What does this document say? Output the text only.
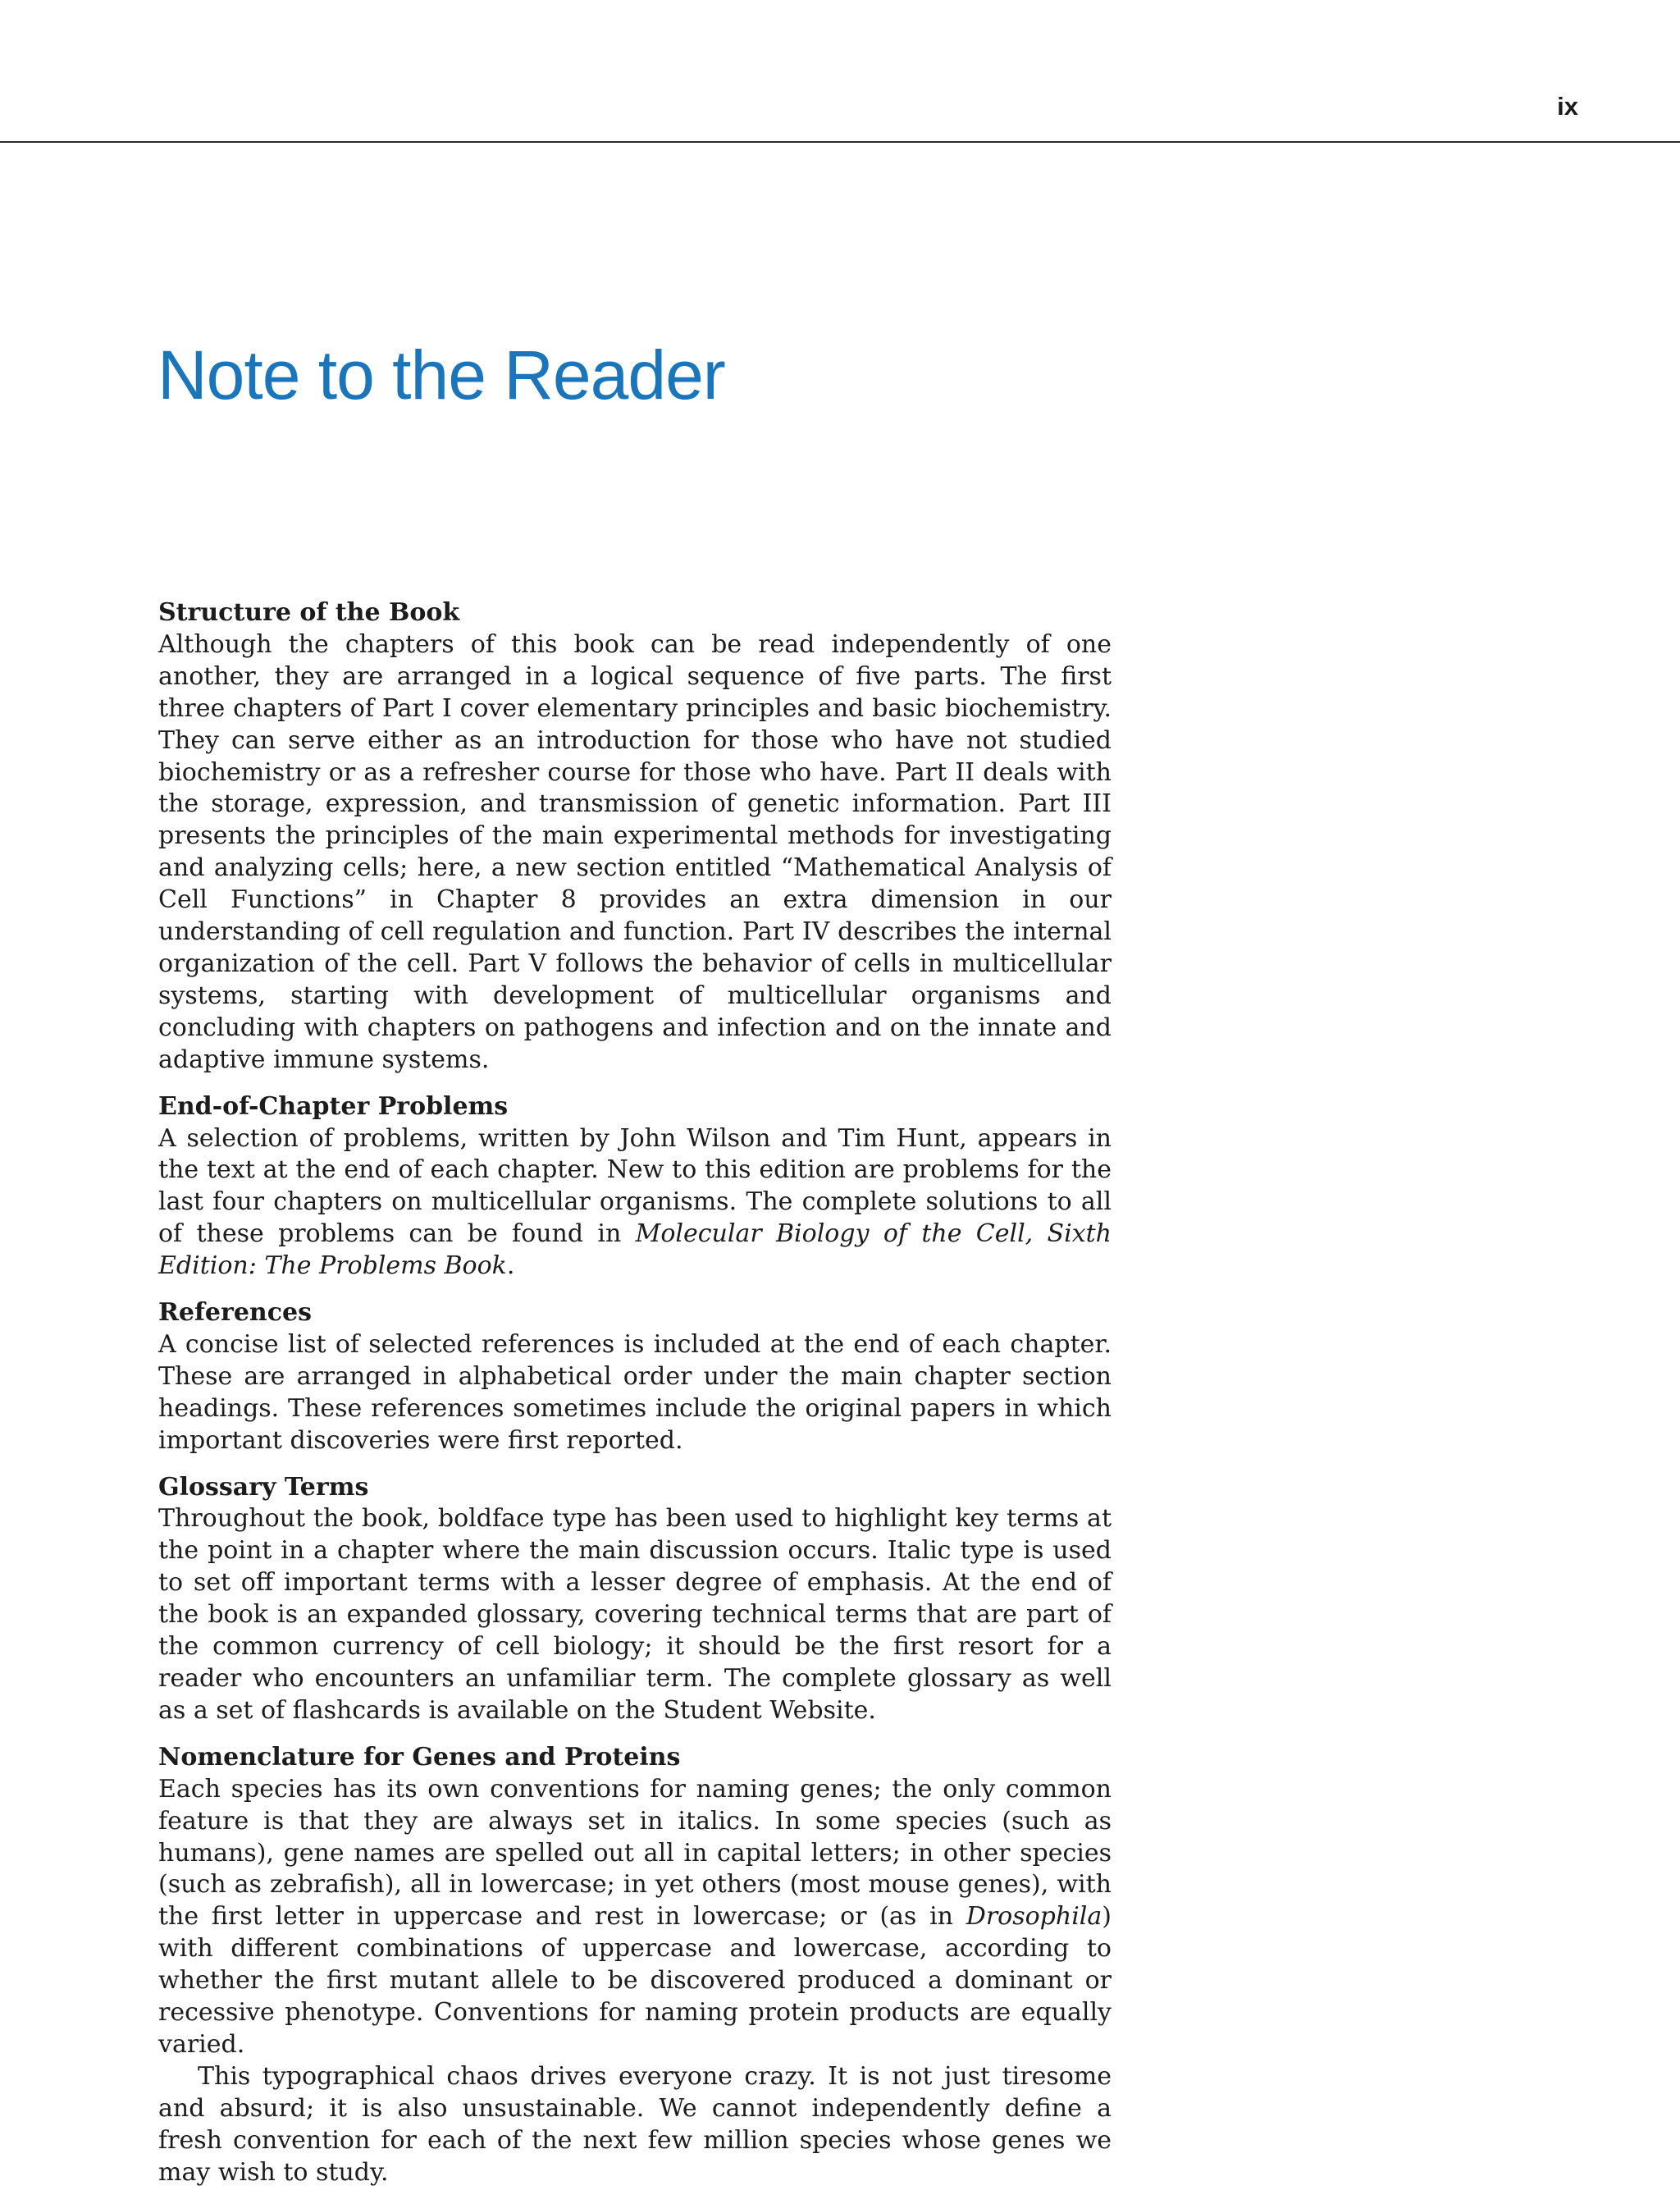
ix
Note to the Reader

Structure of the Book

Although the chapters of this book can be read independently of one another, they are arranged in a logical sequence of five parts. The first three chapters of Part I cover elementary principles and basic biochemistry. They can serve either as an introduction for those who have not studied biochemistry or as a refresher course for those who have. Part II deals with the storage, expression, and transmission of genetic information. Part III presents the principles of the main experimental methods for investigating and analyzing cells; here, a new section entitled “Mathematical Analysis of Cell Functions” in Chapter 8 provides an extra dimension in our understanding of cell regulation and function. Part IV describes the internal organization of the cell. Part V follows the behavior of cells in multicellular systems, starting with development of multicellular organisms and concluding with chapters on pathogens and infection and on the innate and adaptive immune systems.

End-of-Chapter Problems

A selection of problems, written by John Wilson and Tim Hunt, appears in the text at the end of each chapter. New to this edition are problems for the last four chapters on multicellular organisms. The complete solutions to all of these problems can be found in Molecular Biology of the Cell, Sixth Edition: The Problems Book.

References

A concise list of selected references is included at the end of each chapter. These are arranged in alphabetical order under the main chapter section headings. These references sometimes include the original papers in which important discoveries were first reported.

Glossary Terms

Throughout the book, boldface type has been used to highlight key terms at the point in a chapter where the main discussion occurs. Italic type is used to set off important terms with a lesser degree of emphasis. At the end of the book is an expanded glossary, covering technical terms that are part of the common currency of cell biology; it should be the first resort for a reader who encounters an unfamiliar term. The complete glossary as well as a set of flashcards is available on the Student Website.

Nomenclature for Genes and Proteins

Each species has its own conventions for naming genes; the only common feature is that they are always set in italics. In some species (such as humans), gene names are spelled out all in capital letters; in other species (such as zebrafish), all in lowercase; in yet others (most mouse genes), with the first letter in uppercase and rest in lowercase; or (as in Drosophila) with different combinations of uppercase and lowercase, according to whether the first mutant allele to be discovered produced a dominant or recessive phenotype. Conventions for naming protein products are equally varied.

This typographical chaos drives everyone crazy. It is not just tiresome and absurd; it is also unsustainable. We cannot independently define a fresh convention for each of the next few million species whose genes we may wish to study.
